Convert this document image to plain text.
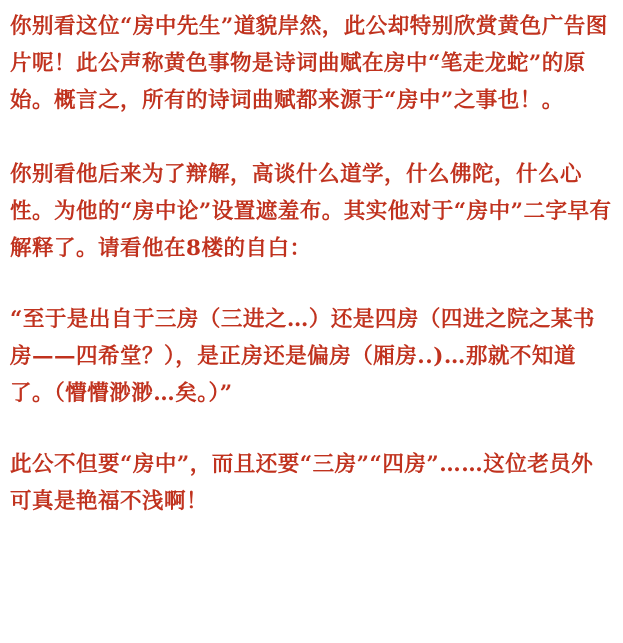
你别看这位“房中先生”道貌岸然，此公却特别欣赏黄色广告图片呢！此公声称黄色事物是诗词曲赋在房中“笔走龙蛇”的原始。概言之，所有的诗词曲赋都来源于“房中”之事也！。

你别看他后来为了辩解，高谈什么道学，什么佛陀，什么心性。为他的“房中论”设置遮羞布。其实他对于“房中”二字早有解释了。请看他在8楼的自白：

“至于是出自于三房（三进之…）还是四房（四进之院之某书房——四希堂？），是正房还是偏房（厢房..)…那就不知道了。（懵懵渺渺…矣。）”

此公不但要“房中”，而且还要“三房”“四房”……这位老员外可真是艳福不浅啊！
